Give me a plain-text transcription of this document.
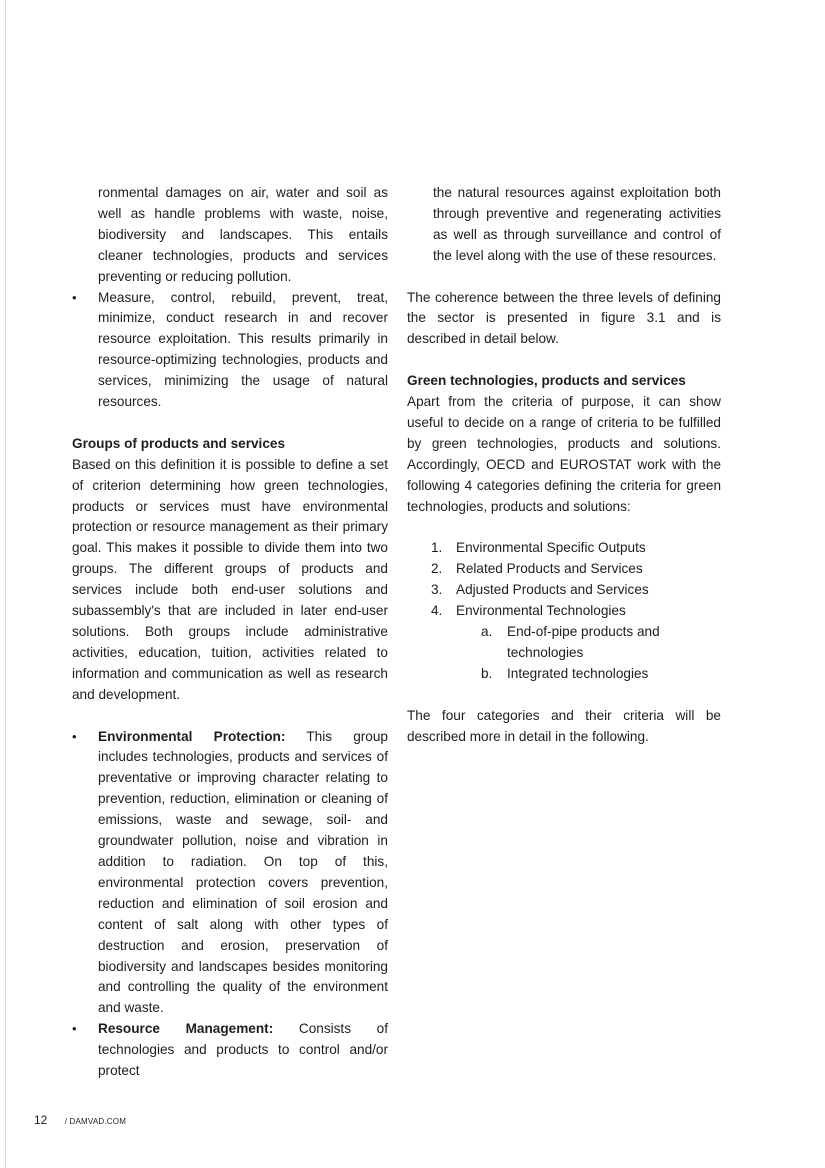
ronmental damages on air, water and soil as well as handle problems with waste, noise, biodiversity and landscapes. This entails cleaner technologies, products and services preventing or reducing pollution.

• Measure, control, rebuild, prevent, treat, minimize, conduct research in and recover resource exploitation. This results primarily in resource-optimizing technologies, products and services, minimizing the usage of natural resources.

Groups of products and services

Based on this definition it is possible to define a set of criterion determining how green technologies, products or services must have environmental protection or resource management as their primary goal. This makes it possible to divide them into two groups. The different groups of products and services include both end-user solutions and subassembly's that are included in later end-user solutions. Both groups include administrative activities, education, tuition, activities related to information and communication as well as research and development.

• Environmental Protection: This group includes technologies, products and services of preventative or improving character relating to prevention, reduction, elimination or cleaning of emissions, waste and sewage, soil- and groundwater pollution, noise and vibration in addition to radiation. On top of this, environmental protection covers prevention, reduction and elimination of soil erosion and content of salt along with other types of destruction and erosion, preservation of biodiversity and landscapes besides monitoring and controlling the quality of the environment and waste.
• Resource Management: Consists of technologies and products to control and/or protect

the natural resources against exploitation both through preventive and regenerating activities as well as through surveillance and control of the level along with the use of these resources.

The coherence between the three levels of defining the sector is presented in figure 3.1 and is described in detail below.

Green technologies, products and services

Apart from the criteria of purpose, it can show useful to decide on a range of criteria to be fulfilled by green technologies, products and solutions. Accordingly, OECD and EUROSTAT work with the following 4 categories defining the criteria for green technologies, products and solutions:

1.	Environmental Specific Outputs
2.	Related Products and Services
3.	Adjusted Products and Services
4.	Environmental Technologies
a. End-of-pipe products and technologies
b. Integrated technologies

The four categories and their criteria will be described more in detail in the following.

12 / DAMVAD.COM
